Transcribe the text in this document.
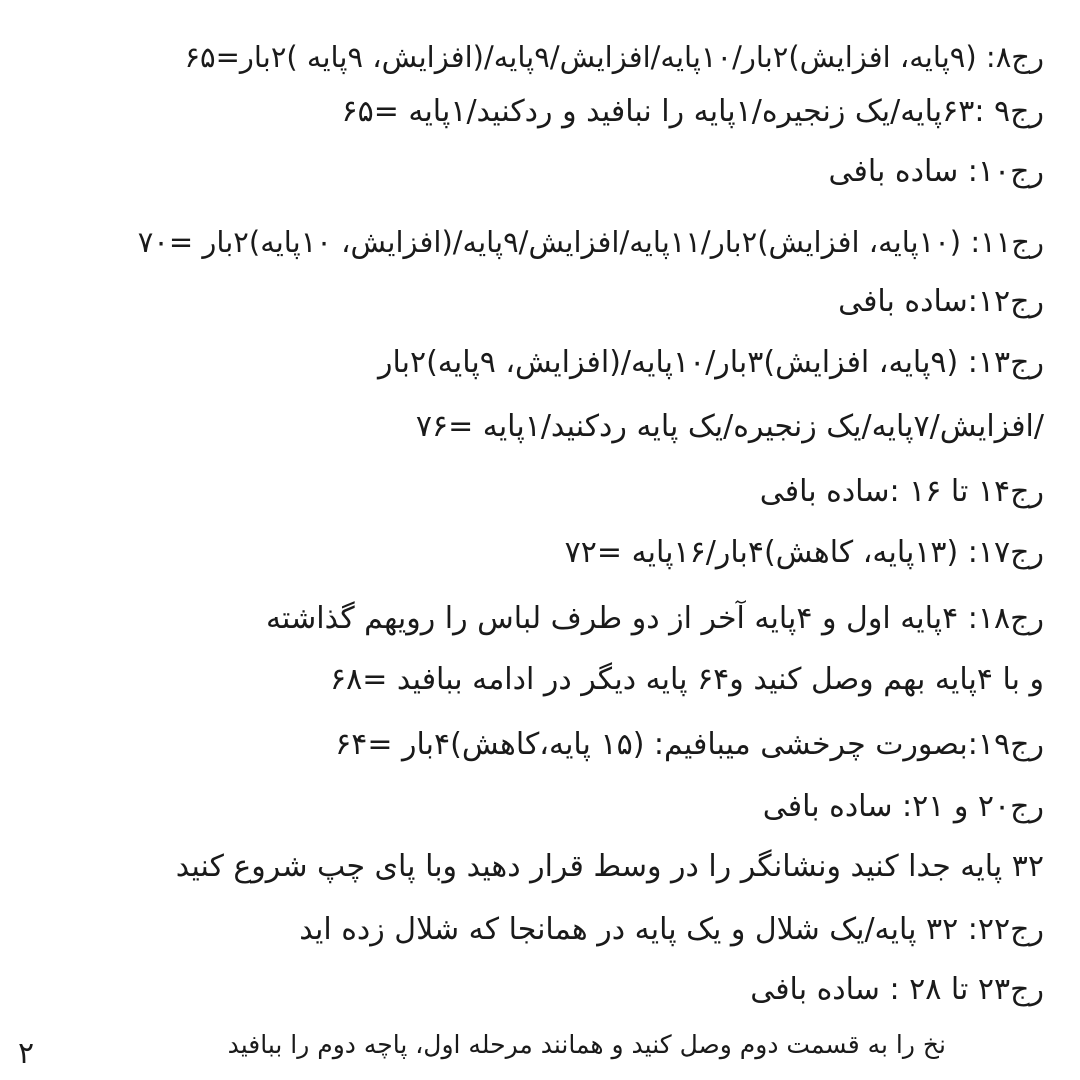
رج۸: (۹پایه، افزایش)۲بار/۱۰پایه/افزایش/۹پایه/(افزایش، ۹پایه )۲بار=۶۵
رج۹ :۶۳پایه/یک زنجیره/۱پایه را نبافید و ردکنید/۱پایه =۶۵
رج۱۰: ساده بافی
رج۱۱: (۱۰پایه، افزایش)۲بار/۱۱پایه/افزایش/۹پایه/(افزایش، ۱۰پایه)۲بار =۷۰
رج۱۲:ساده بافی
رج۱۳: (۹پایه، افزایش)۳بار/۱۰پایه/(افزایش، ۹پایه)۲بار
/افزایش/۷پایه/یک زنجیره/یک پایه ردکنید/۱پایه =۷۶
رج۱۴ تا ۱۶ :ساده بافی
رج۱۷: (۱۳پایه، کاهش)۴بار/۱۶پایه =۷۲
رج۱۸: ۴پایه اول و ۴پایه آخر از دو طرف لباس را رویهم گذاشته
و با ۴پایه بهم وصل کنید و۶۴ پایه دیگر در ادامه ببافید =۶۸
رج۱۹:بصورت چرخشی میبافیم: (۱۵ پایه،کاهش)۴بار =۶۴
رج۲۰ و ۲۱: ساده بافی
۳۲ پایه جدا کنید ونشانگر را در وسط قرار دهید وبا پای چپ شروع کنید
رج۲۲: ۳۲ پایه/یک شلال و یک پایه در همانجا که شلال زده اید
رج۲۳ تا ۲۸ : ساده بافی
نخ را به قسمت دوم وصل کنید و همانند مرحله اول، پاچه دوم را ببافید
۲
